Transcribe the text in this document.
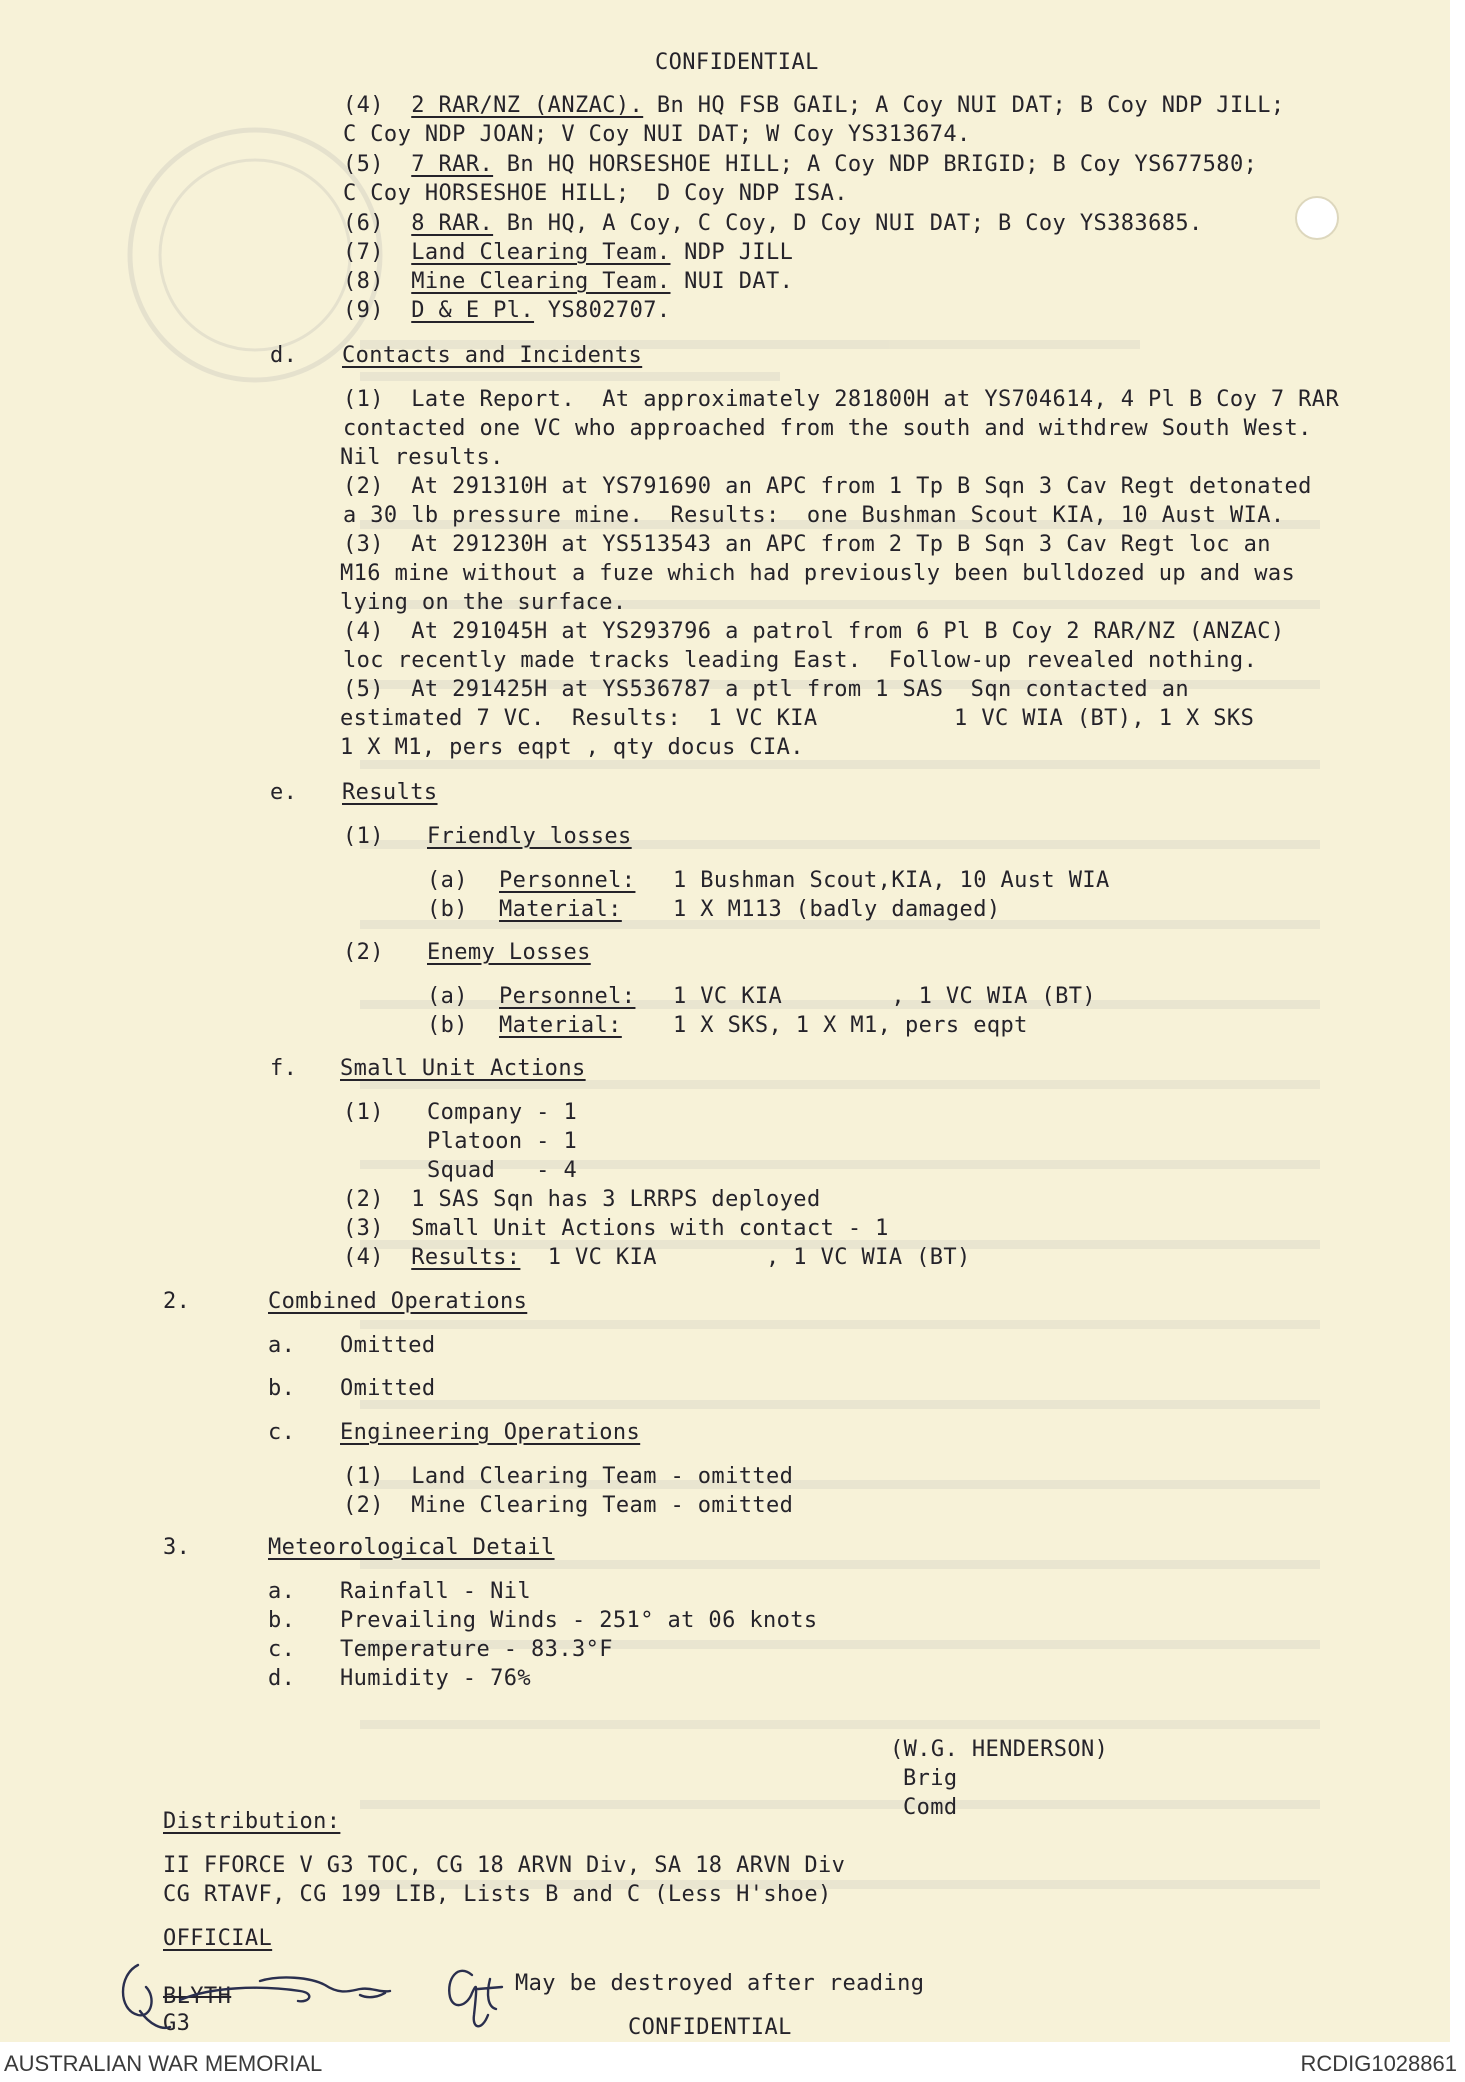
CONFIDENTIAL
(4) 2 RAR/NZ (ANZAC). Bn HQ FSB GAIL; A Coy NUI DAT; B Coy NDP JILL;
C Coy NDP JOAN; V Coy NUI DAT; W Coy YS313674.
(5) 7 RAR. Bn HQ HORSESHOE HILL; A Coy NDP BRIGID; B Coy YS677580;
C Coy HORSESHOE HILL;  D Coy NDP ISA.
(6) 8 RAR. Bn HQ, A Coy, C Coy, D Coy NUI DAT; B Coy YS383685.
(7) Land Clearing Team. NDP JILL
(8) Mine Clearing Team. NUI DAT.
(9) D & E Pl. YS802707.
d. Contacts and Incidents
(1)  Late Report.  At approximately 281800H at YS704614, 4 Pl B Coy 7 RAR
contacted one VC who approached from the south and withdrew South West.
Nil results.
(2)  At 291310H at YS791690 an APC from 1 Tp B Sqn 3 Cav Regt detonated
a 30 lb pressure mine.  Results:  one Bushman Scout KIA, 10 Aust WIA.
(3)  At 291230H at YS513543 an APC from 2 Tp B Sqn 3 Cav Regt loc an
M16 mine without a fuze which had previously been bulldozed up and was
lying on the surface.
(4)  At 291045H at YS293796 a patrol from 6 Pl B Coy 2 RAR/NZ (ANZAC)
loc recently made tracks leading East.  Follow-up revealed nothing.
(5)  At 291425H at YS536787 a ptl from 1 SAS  Sqn contacted an
estimated 7 VC.  Results:  1 VC KIA          1 VC WIA (BT), 1 X SKS
1 X M1, pers eqpt , qty docus CIA.
e. Results
(1) Friendly losses
(a) Personnel: 1 Bushman Scout,KIA, 10 Aust WIA
(b) Material: 1 X M113 (badly damaged)
(2) Enemy Losses
(a) Personnel: 1 VC KIA        , 1 VC WIA (BT)
(b) Material: 1 X SKS, 1 X M1, pers eqpt
f. Small Unit Actions
(1) Company - 1
Platoon - 1
Squad   - 4
(2) 1 SAS Sqn has 3 LRRPS deployed
(3) Small Unit Actions with contact - 1
(4) Results:  1 VC KIA        , 1 VC WIA (BT)
2.	Combined Operations
a. Omitted
b. Omitted
c. Engineering Operations
(1) Land Clearing Team - omitted
(2) Mine Clearing Team - omitted
3.	Meteorological Detail
a. Rainfall - Nil
b. Prevailing Winds - 251° at 06 knots
c. Temperature - 83.3°F
d. Humidity - 76%
(W.G. HENDERSON)
Brig
Comd
Distribution:
II FFORCE V G3 TOC, CG 18 ARVN Div, SA 18 ARVN Div
CG RTAVF, CG 199 LIB, Lists B and C (Less H'shoe)
OFFICIAL
BLYTH
G3
May be destroyed after reading
CONFIDENTIAL
AUSTRALIAN WAR MEMORIAL	RCDIG1028861
